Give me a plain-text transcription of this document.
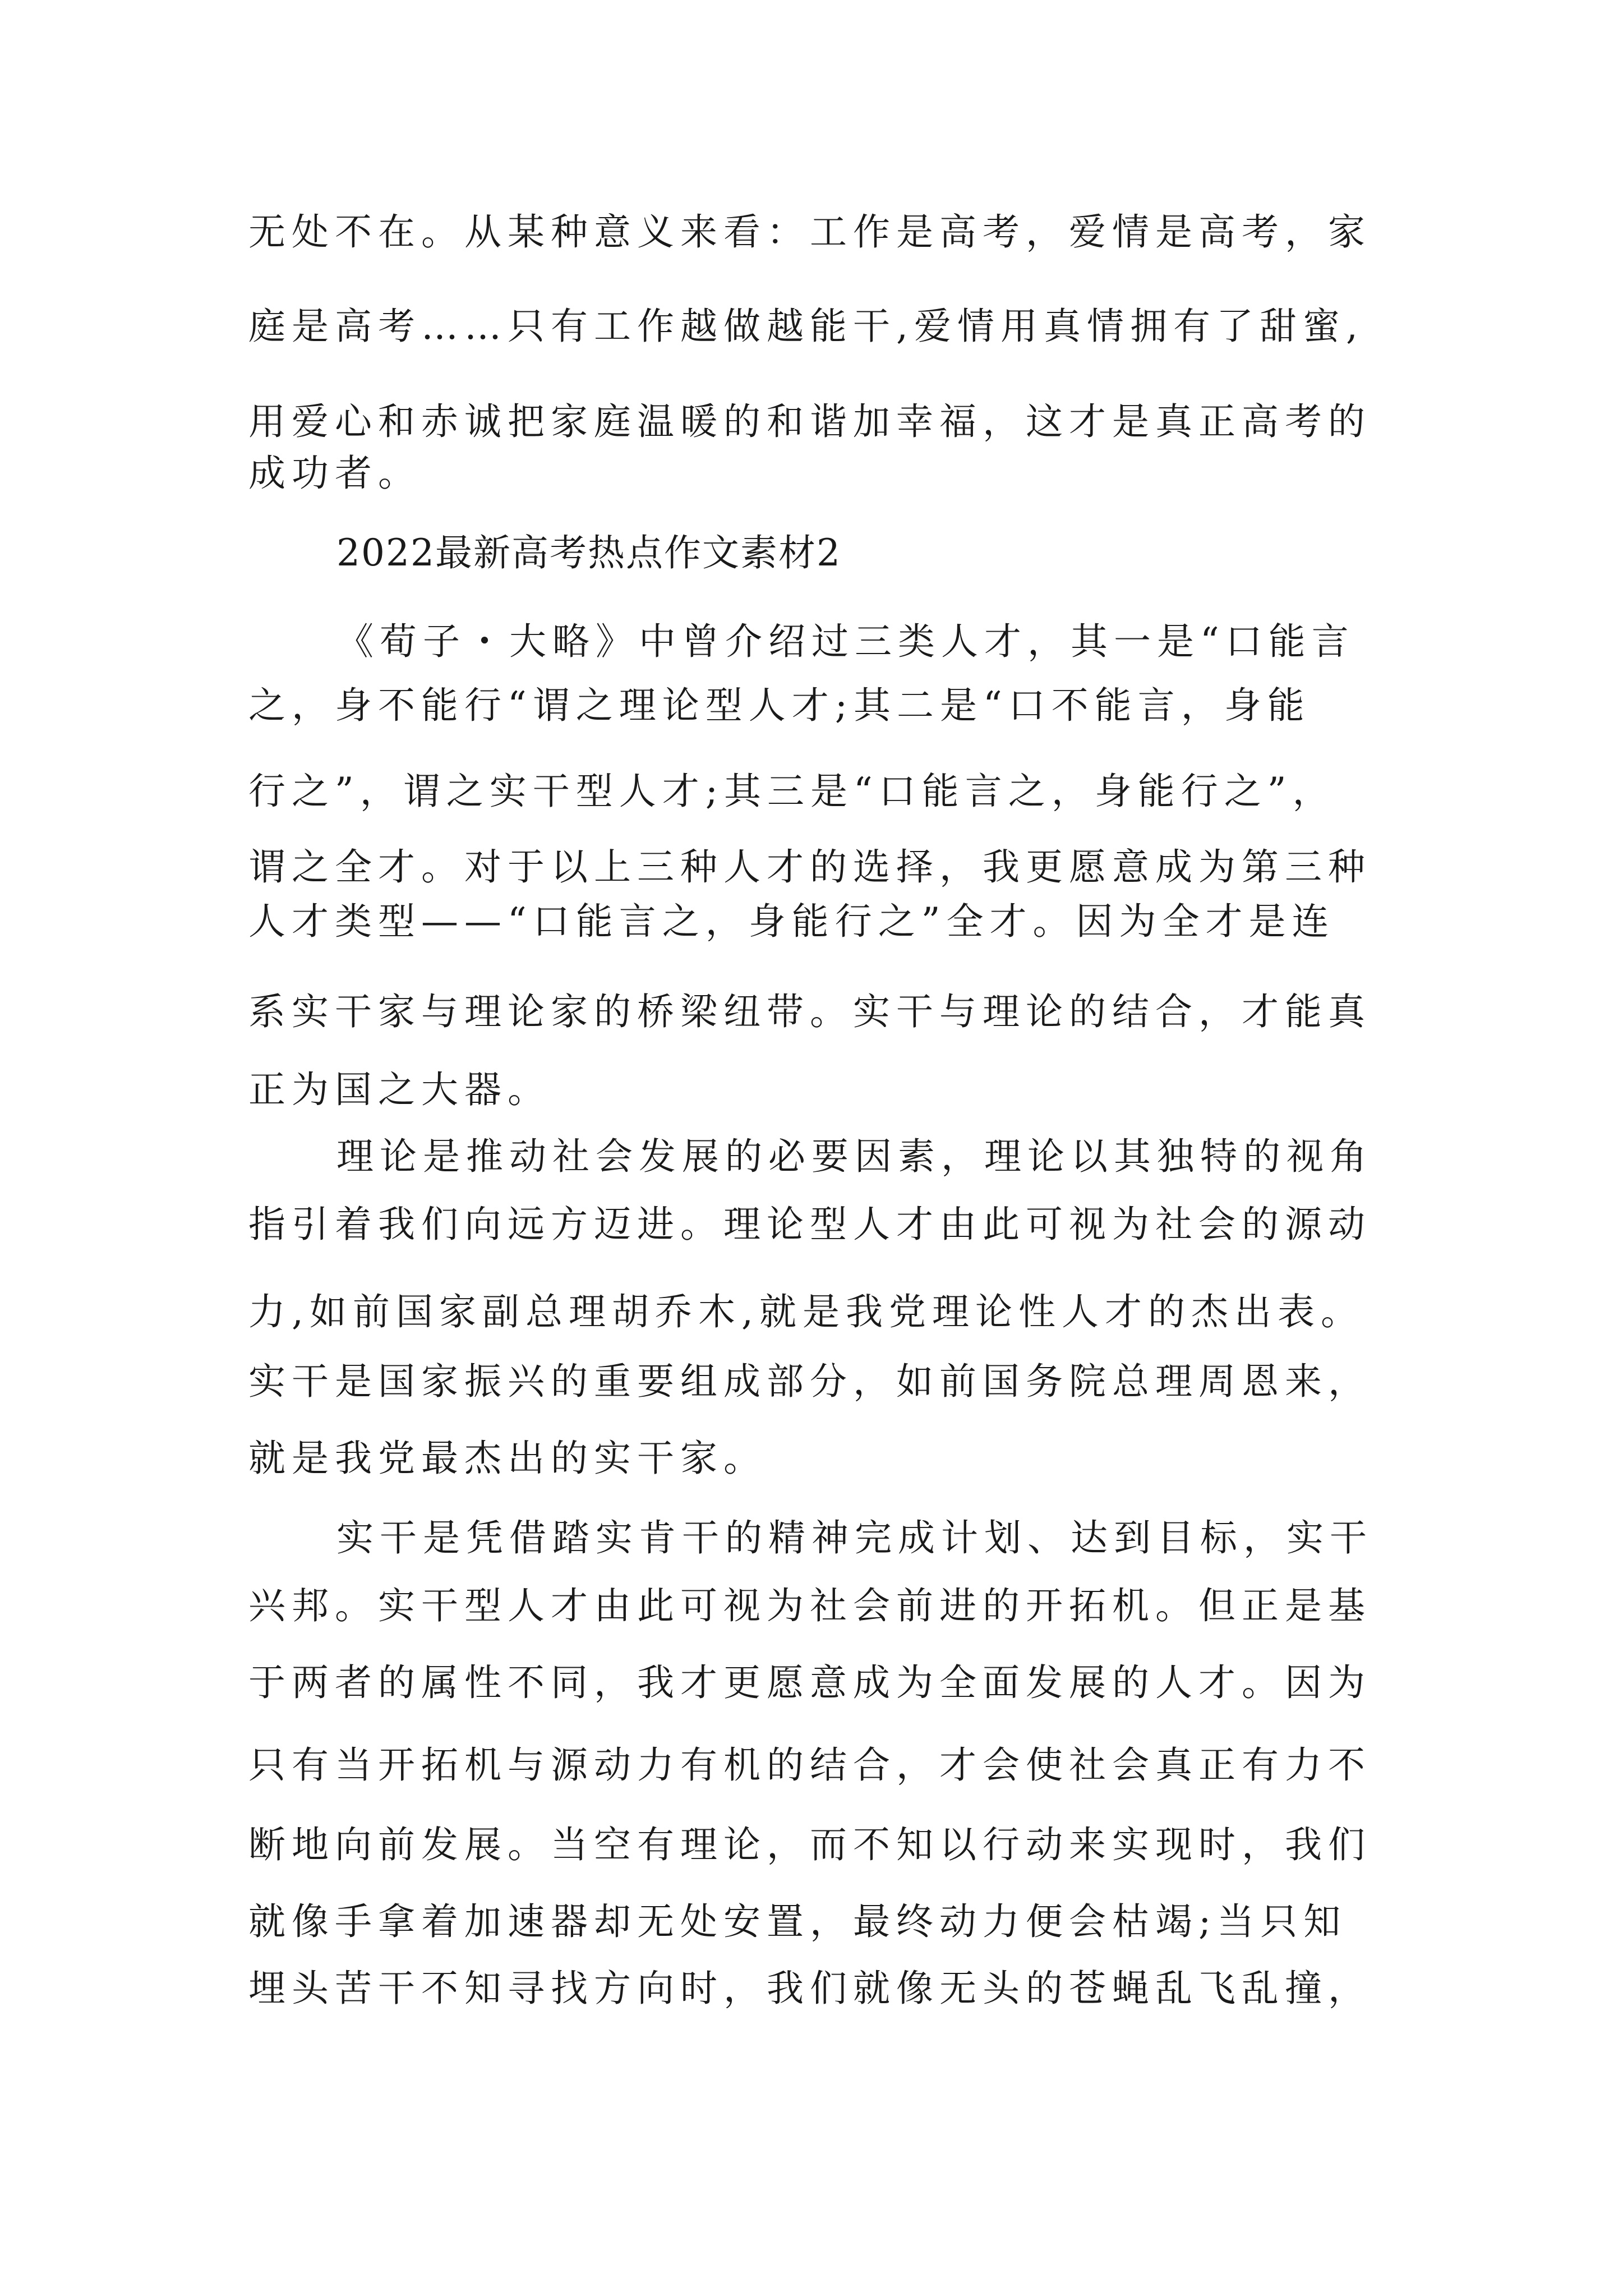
无处不在。从某种意义来看：工作是高考，爱情是高考，家
庭是高考……只有工作越做越能干,爱情用真情拥有了甜蜜,
用爱心和赤诚把家庭温暖的和谐加幸福，这才是真正高考的
成功者。
2022最新高考热点作文素材2
《荀子・大略》中曾介绍过三类人才，其一是“口能言
之，身不能行“谓之理论型人才;其二是“口不能言，身能
行之”，谓之实干型人才;其三是“口能言之，身能行之”，
谓之全才。对于以上三种人才的选择，我更愿意成为第三种
人才类型——“口能言之，身能行之”全才。因为全才是连
系实干家与理论家的桥梁纽带。实干与理论的结合，才能真
正为国之大器。
理论是推动社会发展的必要因素，理论以其独特的视角
指引着我们向远方迈进。理论型人才由此可视为社会的源动
力,如前国家副总理胡乔木,就是我党理论性人才的杰出表。
实干是国家振兴的重要组成部分，如前国务院总理周恩来，
就是我党最杰出的实干家。
实干是凭借踏实肯干的精神完成计划、达到目标，实干
兴邦。实干型人才由此可视为社会前进的开拓机。但正是基
于两者的属性不同，我才更愿意成为全面发展的人才。因为
只有当开拓机与源动力有机的结合，才会使社会真正有力不
断地向前发展。当空有理论，而不知以行动来实现时，我们
就像手拿着加速器却无处安置，最终动力便会枯竭;当只知
埋头苦干不知寻找方向时，我们就像无头的苍蝇乱飞乱撞，
